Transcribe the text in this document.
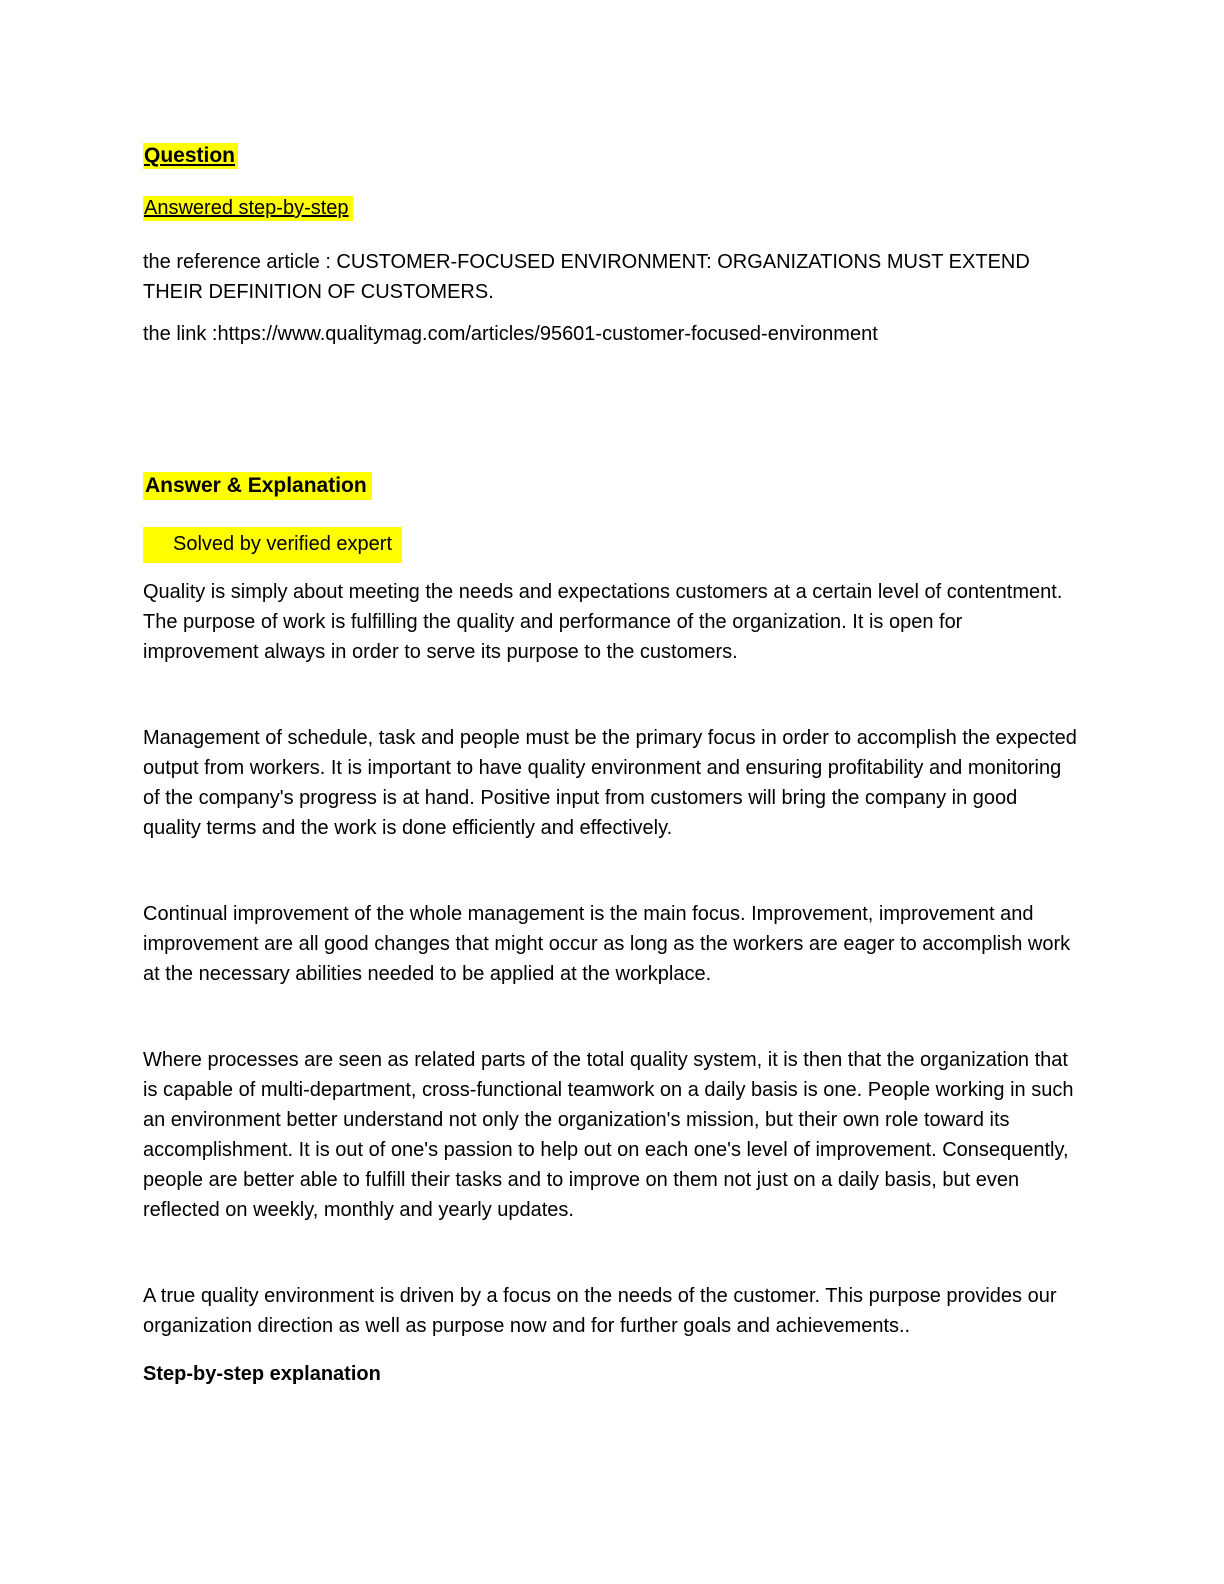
Question
Answered step-by-step

the reference article : CUSTOMER-FOCUSED ENVIRONMENT: ORGANIZATIONS MUST EXTEND THEIR DEFINITION OF CUSTOMERS.

the link :https://www.qualitymag.com/articles/95601-customer-focused-environment

Answer & Explanation
Solved by verified expert

Quality is simply about meeting the needs and expectations customers at a certain level of contentment. The purpose of work is fulfilling the quality and performance of the organization. It is open for improvement always in order to serve its purpose to the customers.

Management of schedule, task and people must be the primary focus in order to accomplish the expected output from workers. It is important to have quality environment and ensuring profitability and monitoring of the company's progress is at hand. Positive input from customers will bring the company in good quality terms and the work is done efficiently and effectively.

Continual improvement of the whole management is the main focus. Improvement, improvement and improvement are all good changes that might occur as long as the workers are eager to accomplish work at the necessary abilities needed to be applied at the workplace.

Where processes are seen as related parts of the total quality system, it is then that the organization that is capable of multi-department, cross-functional teamwork on a daily basis is one. People working in such an environment better understand not only the organization's mission, but their own role toward its accomplishment. It is out of one's passion to help out on each one's level of improvement. Consequently, people are better able to fulfill their tasks and to improve on them not just on a daily basis, but even reflected on weekly, monthly and yearly updates.

A true quality environment is driven by a focus on the needs of the customer. This purpose provides our organization direction as well as purpose now and for further goals and achievements..

Step-by-step explanation
